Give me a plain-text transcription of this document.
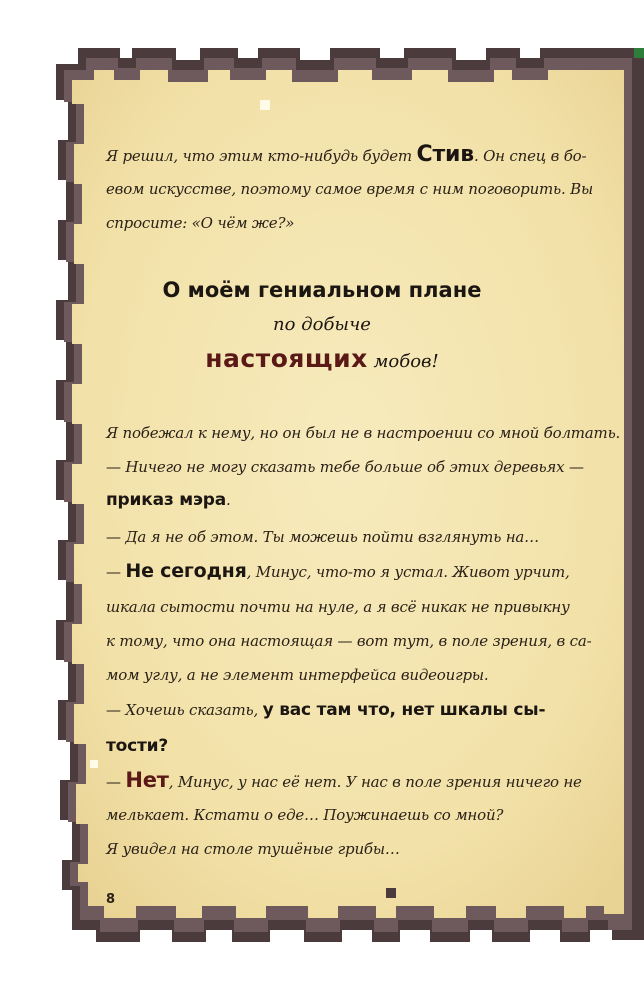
Я решил, что этим кто-нибудь будет Стив. Он спец в бо-
евом искусстве, поэтому самое время с ним поговорить. Вы
спросите: «О чём же?»
О моём гениальном плане
по добыче
настоящих мобов!
Я побежал к нему, но он был не в настроении со мной болтать.
— Ничего не могу сказать тебе больше об этих деревьях —
приказ мэра.
— Да я не об этом. Ты можешь пойти взглянуть на…
— Не сегодня, Минус, что-то я устал. Живот урчит,
шкала сытости почти на нуле, а я всё никак не привыкну
к тому, что она настоящая — вот тут, в поле зрения, в са-
мом углу, а не элемент интерфейса видеоигры.
— Хочешь сказать, у вас там что, нет шкалы сы-
тости?
— Нет, Минус, у нас её нет. У нас в поле зрения ничего не
мелькает. Кстати о еде… Поужинаешь со мной?
Я увидел на столе тушёные грибы…
8
